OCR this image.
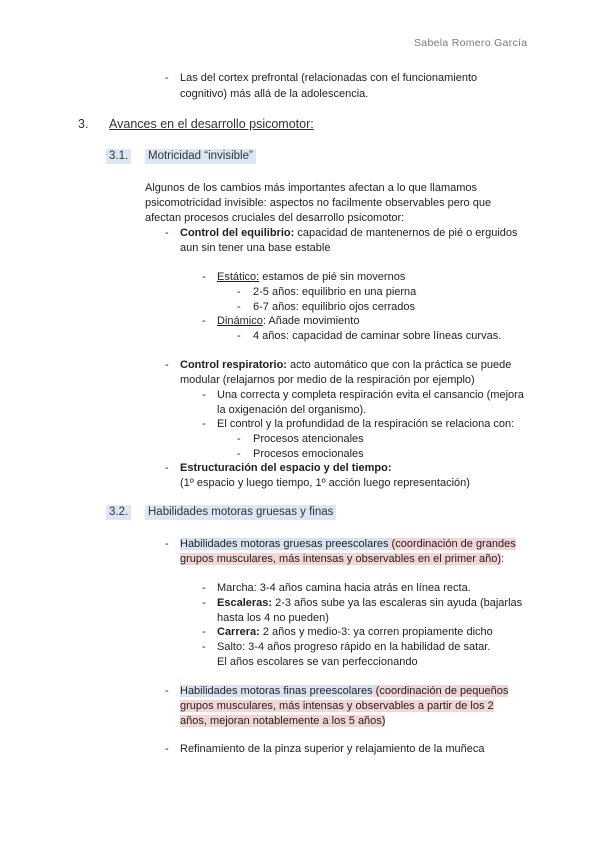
Sabela Romero García
- Las del cortex prefrontal (relacionadas con el funcionamiento
cognitivo) más allá de la adolescencia.
3. Avances en el desarrollo psicomotor:
3.1. Motricidad “invisible”
Algunos de los cambios más importantes afectan a lo que llamamos
psicomotricidad invisible: aspectos no facilmente observables pero que
afectan procesos cruciales del desarrollo psicomotor:
- Control del equilibrio: capacidad de mantenernos de pié o erguidos
aun sin tener una base estable
- Estático: estamos de pié sin movernos
- 2-5 años: equilibrio en una pierna
- 6-7 años: equilibrio ojos cerrados
- Dinámico: Añade movimiento
- 4 años: capacidad de caminar sobre líneas curvas.
- Control respiratorio: acto automático que con la práctica se puede
modular (relajarnos por medio de la respiración por ejemplo)
- Una correcta y completa respiración evita el cansancio (mejora
la oxigenación del organismo).
- El control y la profundidad de la respiración se relaciona con:
- Procesos atencionales
- Procesos emocionales
- Estructuración del espacio y del tiempo:
(1º espacio y luego tiempo, 1º acción luego representación)
3.2. Habilidades motoras gruesas y finas
- Habilidades motoras gruesas preescolares (coordinación de grandes
grupos musculares, más intensas y observables en el primer año):
- Marcha: 3-4 años camina hacia atrás en línea recta.
- Escaleras: 2-3 años sube ya las escaleras sin ayuda (bajarlas
hasta los 4 no pueden)
- Carrera: 2 años y medio-3: ya corren propiamente dicho
- Salto: 3-4 años progreso rápido en la habilidad de satar.
El años escolares se van perfeccionando
- Habilidades motoras finas preescolares (coordinación de pequeños
grupos musculares, más intensas y observables a partir de los 2
años, mejoran notablemente a los 5 años)
- Refinamiento de la pinza superior y relajamiento de la muñeca
